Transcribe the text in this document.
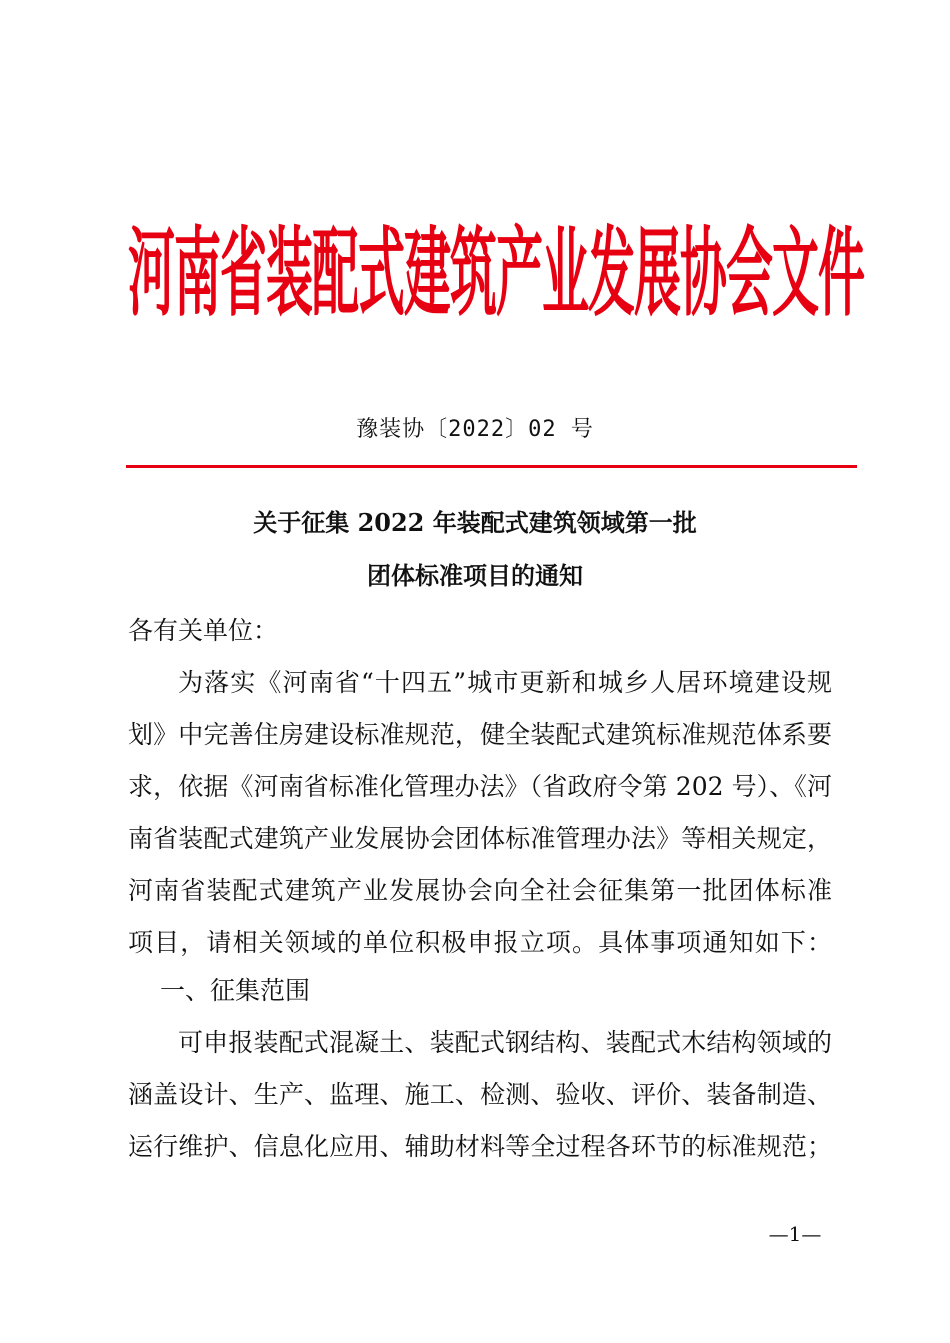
河南省装配式建筑产业发展协会文件
豫装协〔2022〕02 号
关于征集 2022 年装配式建筑领域第一批
团体标准项目的通知
各有关单位：
为落实《河南省“十四五”城市更新和城乡人居环境建设规
划》中完善住房建设标准规范，健全装配式建筑标准规范体系要
求，依据《河南省标准化管理办法》（省政府令第 202 号）、《河
南省装配式建筑产业发展协会团体标准管理办法》等相关规定，
河南省装配式建筑产业发展协会向全社会征集第一批团体标准
项目，请相关领域的单位积极申报立项。具体事项通知如下：
一、征集范围
可申报装配式混凝土、装配式钢结构、装配式木结构领域的
涵盖设计、生产、监理、施工、检测、验收、评价、装备制造、
运行维护、信息化应用、辅助材料等全过程各环节的标准规范；
—1—
